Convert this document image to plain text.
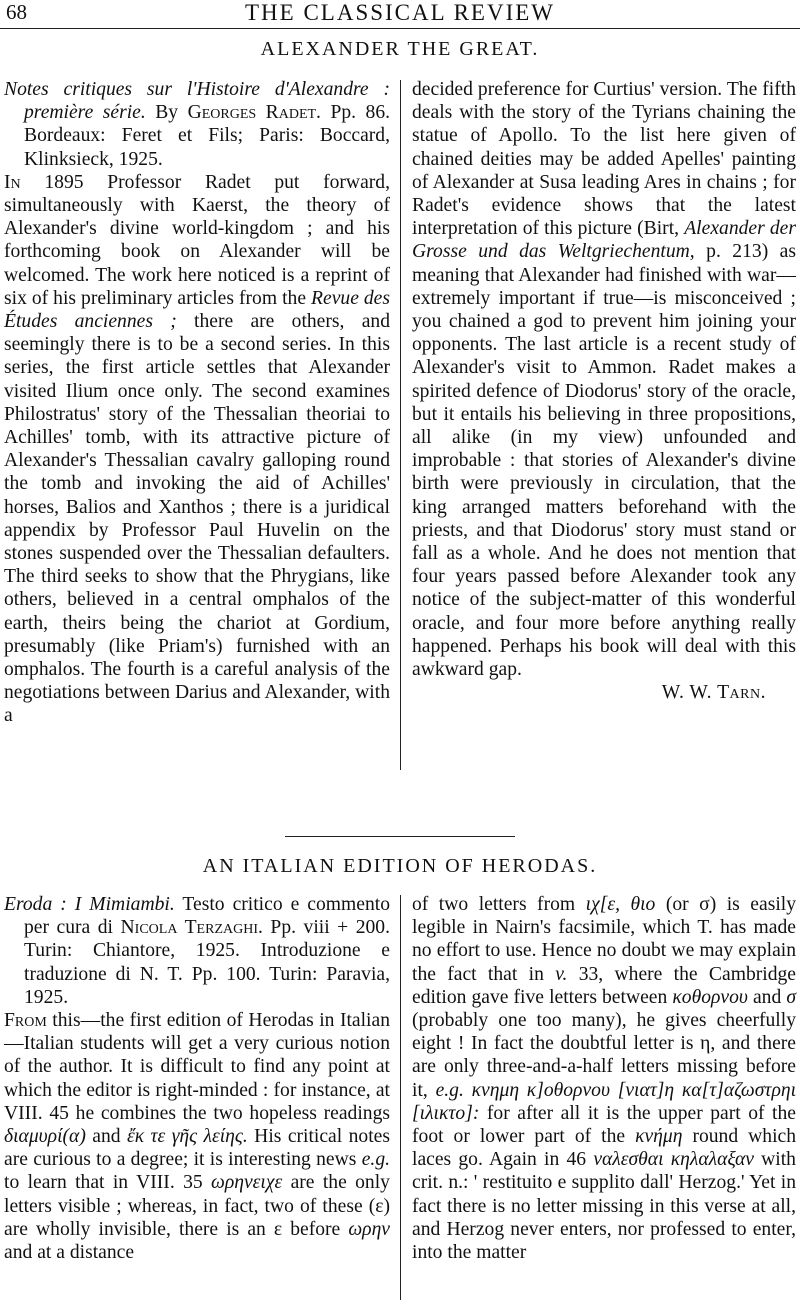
68	THE CLASSICAL REVIEW
ALEXANDER THE GREAT.

Notes critiques sur l'Histoire d'Alexandre : première série. By Georges Radet. Pp. 86. Bordeaux: Feret et Fils; Paris: Boccard, Klinksieck, 1925.

In 1895 Professor Radet put forward, simultaneously with Kaerst, the theory of Alexander's divine world-kingdom ; and his forthcoming book on Alexander will be welcomed. The work here noticed is a reprint of six of his preliminary articles from the Revue des Études anciennes ; there are others, and seemingly there is to be a second series. In this series, the first article settles that Alexander visited Ilium once only. The second examines Philostratus' story of the Thessalian theoriai to Achilles' tomb, with its attractive picture of Alexander's Thessalian cavalry galloping round the tomb and invoking the aid of Achilles' horses, Balios and Xanthos ; there is a juridical appendix by Professor Paul Huvelin on the stones suspended over the Thessalian defaulters. The third seeks to show that the Phrygians, like others, believed in a central omphalos of the earth, theirs being the chariot at Gordium, presumably (like Priam's) furnished with an omphalos. The fourth is a careful analysis of the negotiations between Darius and Alexander, with a

decided preference for Curtius' version. The fifth deals with the story of the Tyrians chaining the statue of Apollo. To the list here given of chained deities may be added Apelles' painting of Alexander at Susa leading Ares in chains ; for Radet's evidence shows that the latest interpretation of this picture (Birt, Alexander der Grosse und das Weltgriechentum, p. 213) as meaning that Alexander had finished with war— extremely important if true—is misconceived ; you chained a god to prevent him joining your opponents. The last article is a recent study of Alexander's visit to Ammon. Radet makes a spirited defence of Diodorus' story of the oracle, but it entails his believing in three propositions, all alike (in my view) unfounded and improbable : that stories of Alexander's divine birth were previously in circulation, that the king arranged matters beforehand with the priests, and that Diodorus' story must stand or fall as a whole. And he does not mention that four years passed before Alexander took any notice of the subject-matter of this wonderful oracle, and four more before anything really happened. Perhaps his book will deal with this awkward gap.

W. W. Tarn.

AN ITALIAN EDITION OF HERODAS.

Eroda : I Mimiambi. Testo critico e commento per cura di Nicola Terzaghi. Pp. viii + 200. Turin: Chiantore, 1925. Introduzione e traduzione di N. T. Pp. 100. Turin: Paravia, 1925.

From this—the first edition of Herodas in Italian—Italian students will get a very curious notion of the author. It is difficult to find any point at which the editor is right-minded : for instance, at VIII. 45 he combines the two hopeless readings διαμυρί(α) and ἔκ τε γῆς λείης. His critical notes are curious to a degree; it is interesting news e.g. to learn that in VIII. 35 ωρηνειχε are the only letters visible ; whereas, in fact, two of these (ε) are wholly invisible, there is an ε before ωρην and at a distance

of two letters from ιχ[ε, θιο (or σ) is easily legible in Nairn's facsimile, which T. has made no effort to use. Hence no doubt we may explain the fact that in v. 33, where the Cambridge edition gave five letters between κοθορνου and σ (probably one too many), he gives cheerfully eight ! In fact the doubtful letter is η, and there are only three-and-a-half letters missing before it, e.g. κνημη κ]οθορνου [νιατ]η κα[τ]αζωστρηι [ιλικτο]: for after all it is the upper part of the foot or lower part of the κνήμη round which laces go. Again in 46 ναλεσθαι κηλαλαξαν with crit. n.: ' restituito e supplito dall' Herzog.' Yet in fact there is no letter missing in this verse at all, and Herzog never enters, nor professed to enter, into the matter
